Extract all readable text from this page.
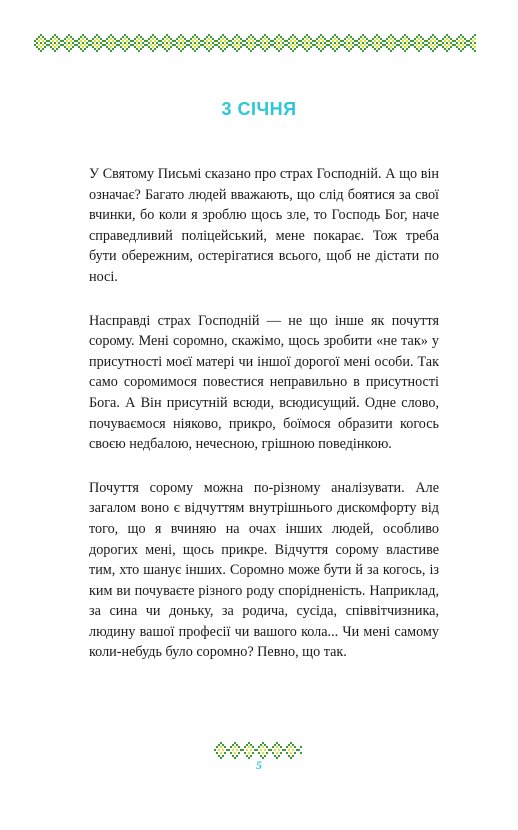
3 СІЧНЯ

У Святому Письмі сказано про страх Господній. А що він означає? Багато людей вважають, що слід боятися за свої вчинки, бо коли я зроблю щось зле, то Господь Бог, наче справедливий поліцейський, мене покарає. Тож треба бути обережним, остерігатися всього, щоб не дістати по носі.

Насправді страх Господній — не що інше як почуття сорому. Мені соромно, скажімо, щось зробити «не так» у присутності моєї матері чи іншої дорогої мені особи. Так само соромимося повестися неправильно в присутності Бога. А Він присутній всюди, всюдисущий. Одне слово, почуваємося ніяково, прикро, боїмося образити когось своєю недбалою, нечесною, грішною поведінкою.

Почуття сорому можна по-різному аналізувати. Але загалом воно є відчуттям внутрішнього дискомфорту від того, що я вчиняю на очах інших людей, особливо дорогих мені, щось прикре. Відчуття сорому властиве тим, хто шанує інших. Соромно може бути й за когось, із ким ви почуваєте різного роду спорідненість. Наприклад, за сина чи доньку, за родича, сусіда, співвітчизника, людину вашої професії чи вашого кола... Чи мені самому коли-небудь було соромно? Певно, що так.

5
